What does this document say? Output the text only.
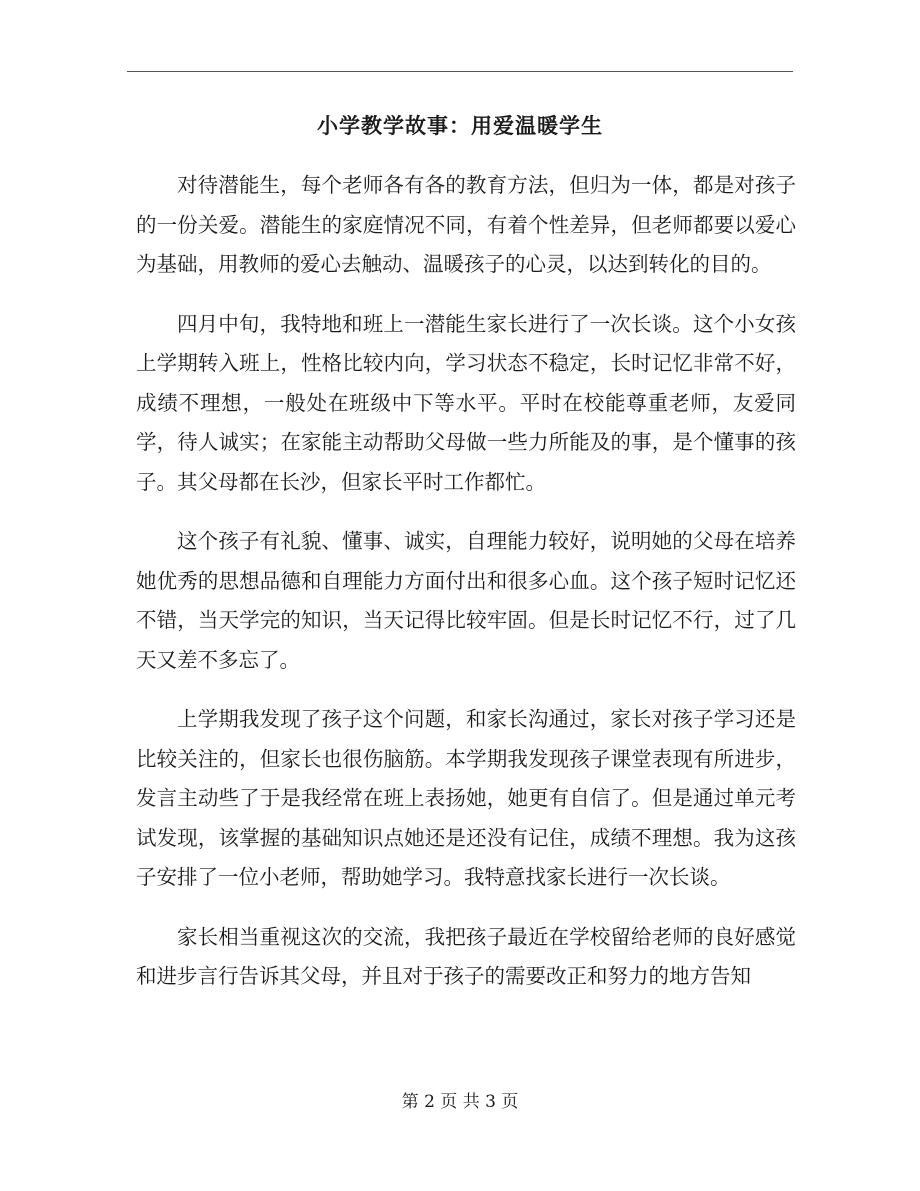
小学教学故事：用爱温暖学生

对待潜能生，每个老师各有各的教育方法，但归为一体，都是对孩子的一份关爱。潜能生的家庭情况不同，有着个性差异，但老师都要以爱心为基础，用教师的爱心去触动、温暖孩子的心灵，以达到转化的目的。

四月中旬，我特地和班上一潜能生家长进行了一次长谈。这个小女孩上学期转入班上，性格比较内向，学习状态不稳定，长时记忆非常不好，成绩不理想，一般处在班级中下等水平。平时在校能尊重老师，友爱同学，待人诚实；在家能主动帮助父母做一些力所能及的事，是个懂事的孩子。其父母都在长沙，但家长平时工作都忙。

这个孩子有礼貌、懂事、诚实，自理能力较好，说明她的父母在培养她优秀的思想品德和自理能力方面付出和很多心血。这个孩子短时记忆还不错，当天学完的知识，当天记得比较牢固。但是长时记忆不行，过了几天又差不多忘了。

上学期我发现了孩子这个问题，和家长沟通过，家长对孩子学习还是比较关注的，但家长也很伤脑筋。本学期我发现孩子课堂表现有所进步，发言主动些了于是我经常在班上表扬她，她更有自信了。但是通过单元考试发现，该掌握的基础知识点她还是还没有记住，成绩不理想。我为这孩子安排了一位小老师，帮助她学习。我特意找家长进行一次长谈。

家长相当重视这次的交流，我把孩子最近在学校留给老师的良好感觉和进步言行告诉其父母，并且对于孩子的需要改正和努力的地方告知

第 2 页 共 3 页
